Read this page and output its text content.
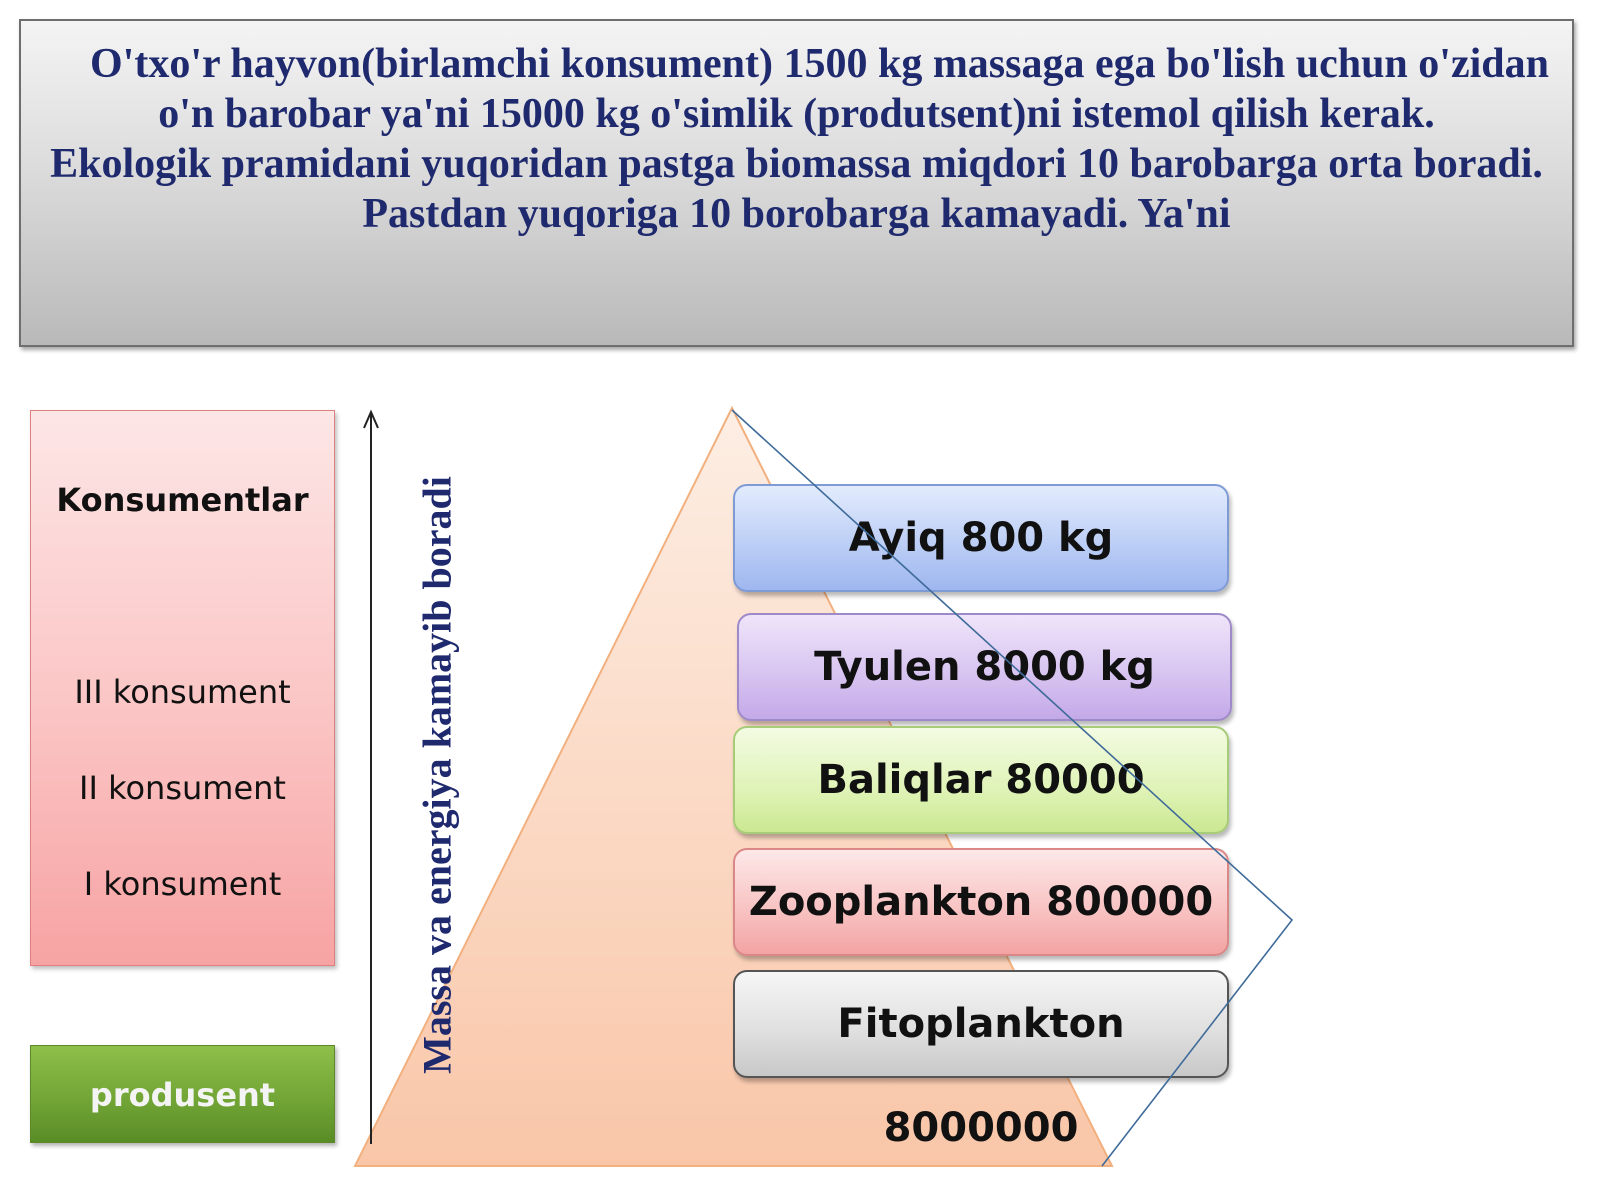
O'txo'r hayvon(birlamchi konsument) 1500 kg massaga ega bo'lish uchun o'zidan o'n barobar ya'ni 15000 kg o'simlik (produtsent)ni istemol qilish kerak.

Ekologik pramidani yuqoridan pastga biomassa miqdori 10 barobarga orta boradi. Pastdan yuqoriga 10 borobarga kamayadi. Ya'ni

Konsumentlar
III konsument
II konsument
I konsument
produsent
Massa va energiya kamayib boradi	Ayiq 800 kg
Tyulen 8000 kg
Baliqlar 80000
Zooplankton 800000
Fitoplankton 8000000
